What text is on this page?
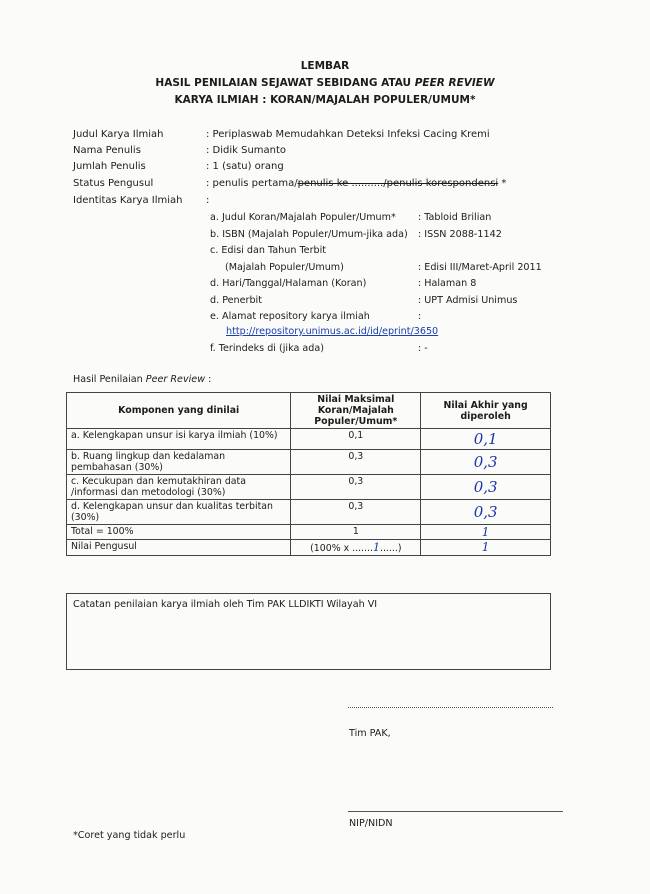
LEMBAR
HASIL PENILAIAN SEJAWAT SEBIDANG ATAU PEER REVIEW
KARYA ILMIAH : KORAN/MAJALAH POPULER/UMUM*
Judul Karya Ilmiah	: Periplaswab Memudahkan Deteksi Infeksi Cacing Kremi
Nama Penulis	: Didik Sumanto
Jumlah Penulis	: 1 (satu) orang
Status Pengusul	: penulis pertama/penulis ke ........../penulis korespondensi *
Identitas Karya Ilmiah :
a. Judul Koran/Majalah Populer/Umum* : Tabloid Brilian
b. ISBN (Majalah Populer/Umum-jika ada) : ISSN 2088-1142
c. Edisi dan Tahun Terbit
(Majalah Populer/Umum)	: Edisi III/Maret-April 2011
d. Hari/Tanggal/Halaman (Koran)	: Halaman 8
d. Penerbit	: UPT Admisi Unimus
e. Alamat repository karya ilmiah	:
http://repository.unimus.ac.id/id/eprint/3650
f. Terindeks di (jika ada)	: -
Hasil Penilaian Peer Review :
Komponen yang dinilai	Nilai Maksimal Koran/Majalah Populer/Umum*	Nilai Akhir yang
diperoleh
a. Kelengkapan unsur isi karya ilmiah (10%)	0,1	0,1
b. Ruang lingkup dan kedalaman pembahasan (30%)	0,3	0,3
c. Kecukupan dan kemutakhiran data /informasi dan metodologi (30%)	0,3	0,3
d. Kelengkapan unsur dan kualitas terbitan (30%)	0,3	0,3
Total = 100%	1	1
Nilai Pengusul	(100% x .......1......)	1
Catatan penilaian karya ilmiah oleh Tim PAK LLDIKTI Wilayah VI
Tim PAK,
NIP/NIDN
*Coret yang tidak perlu
